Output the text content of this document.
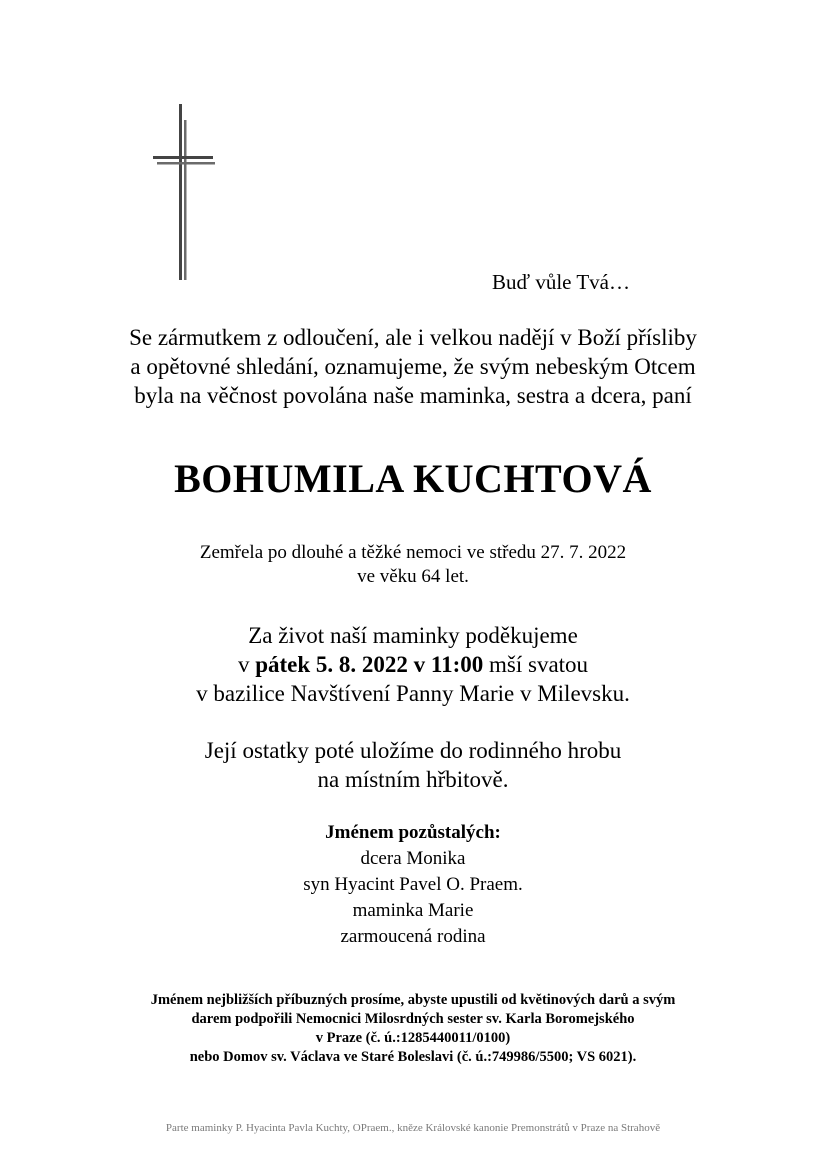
Buď vůle Tvá…
Se zármutkem z odloučení, ale i velkou nadějí v Boží přísliby
a opětovné shledání, oznamujeme, že svým nebeským Otcem
byla na věčnost povolána naše maminka, sestra a dcera, paní
BOHUMILA KUCHTOVÁ
Zemřela po dlouhé a těžké nemoci ve středu 27. 7. 2022
ve věku 64 let.
Za život naší maminky poděkujeme
v pátek 5. 8. 2022 v 11:00 mší svatou
v bazilice Navštívení Panny Marie v Milevsku.
Její ostatky poté uložíme do rodinného hrobu
na místním hřbitově.
Jménem pozůstalých:
dcera Monika
syn Hyacint Pavel O. Praem.
maminka Marie
zarmoucená rodina
Jménem nejbližších příbuzných prosíme, abyste upustili od květinových darů a svým
darem podpořili Nemocnici Milosrdných sester sv. Karla Boromejského
v Praze (č. ú.:1285440011/0100)
nebo Domov sv. Václava ve Staré Boleslavi (č. ú.:749986/5500; VS 6021).
Parte maminky P. Hyacinta Pavla Kuchty, OPraem., kněze Královské kanonie Premonstrátů v Praze na Strahově
